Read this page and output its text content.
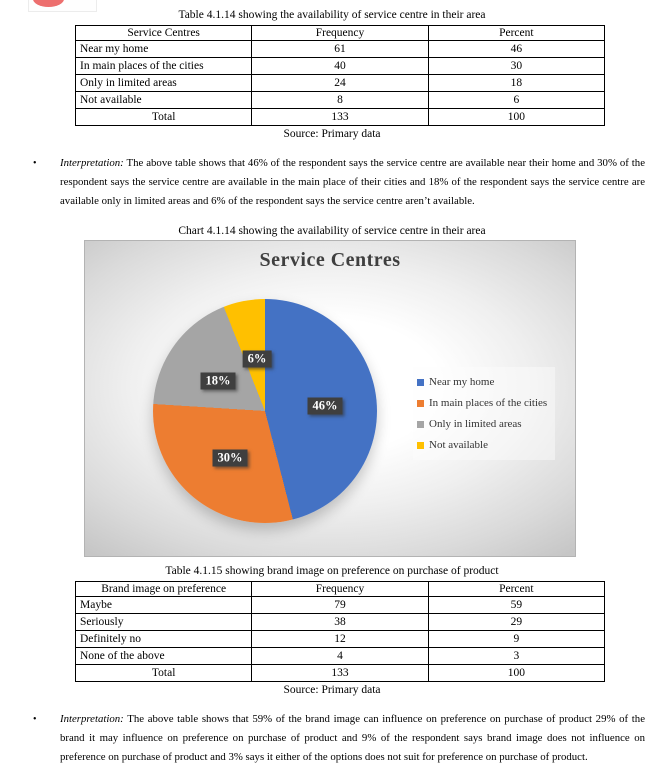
Table 4.1.14 showing the availability of service centre in their area

Service Centres	Frequency	Percent
Near my home	61	46
In main places of the cities	40	30
Only in limited areas	24	18
Not available	8	6
Total	133	100

Source: Primary data

•	Interpretation: The above table shows that 46% of the respondent says the service centre are available near their home and 30% of the respondent says the service centre are available in the main place of their cities and 18% of the respondent says the service centre are available only in limited areas and 6% of the respondent says the service centre aren’t available.

Chart 4.1.14 showing the availability of service centre in their area

Service Centres
46%
30%
18%
6%
Near my home
In main places of the cities
Only in limited areas
Not available

Table 4.1.15 showing brand image on preference on purchase of product

Brand image on preference	Frequency	Percent
Maybe	79	59
Seriously	38	29
Definitely no	12	9
None of the above	4	3
Total	133	100

Source: Primary data

•	Interpretation: The above table shows that 59% of the brand image can influence on preference on purchase of product 29% of the brand it may influence on preference on purchase of product and 9% of the respondent says brand image does not influence on preference on purchase of product and 3% says it either of the options does not suit for preference on purchase of product.
